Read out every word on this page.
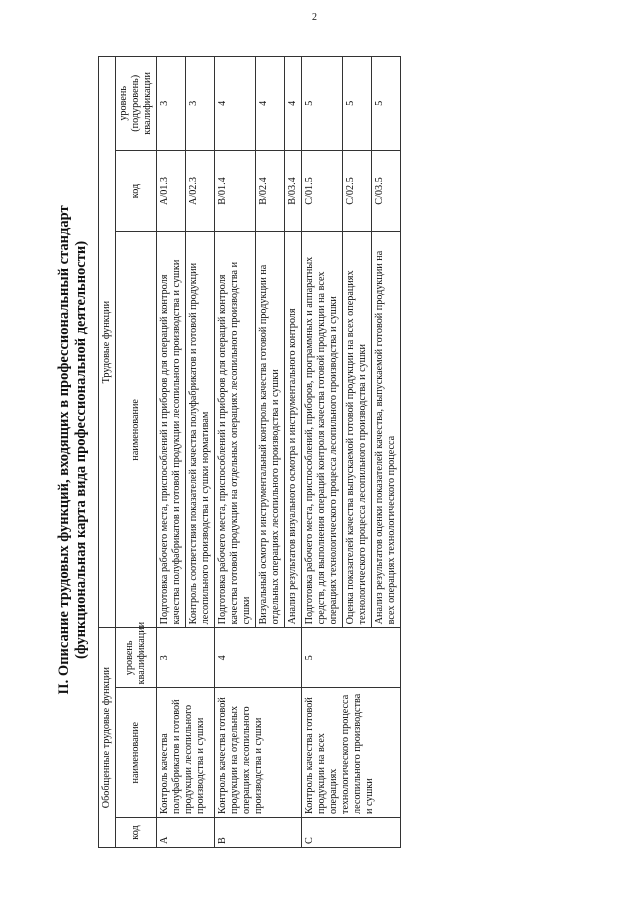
2
II. Описание трудовых функций, входящих в профессиональный стандарт (функциональная карта вида профессиональной деятельности)
Обобщенные трудовые функции			Трудовые функции		
код	наименование	уровень квалификации	наименование	код	уровень (подуровень) квалификации
A	Контроль качества полуфабрикатов и готовой продукции лесопильного производства и сушки	3	Подготовка рабочего места, приспособлений и приборов для операций контроля качества полуфабрикатов и готовой продукции лесопильного производства и сушки	A/01.3	3
			Контроль соответствия показателей качества полуфабрикатов и готовой продукции лесопильного производства и сушки нормативам	A/02.3	3
B	Контроль качества готовой продукции на отдельных операциях лесопильного производства и сушки	4	Подготовка рабочего места, приспособлений и приборов для операций контроля качества готовой продукции на отдельных операциях лесопильного производства и сушки	B/01.4	4
			Визуальный осмотр и инструментальный контроль качества готовой продукции на отдельных операциях лесопильного производства и сушки	B/02.4	4
			Анализ результатов визуального осмотра и инструментального контроля	B/03.4	4
C	Контроль качества готовой продукции на всех операциях технологического процесса лесопильного производства и сушки	5	Подготовка рабочего места, приспособлений, приборов, программных и аппаратных средств, для выполнения операций контроля качества готовой продукции на всех операциях технологического процесса лесопильного производства и сушки	C/01.5	5
			Оценка показателей качества выпускаемой готовой продукции на всех операциях технологического процесса лесопильного производства и сушки	C/02.5	5
			Анализ результатов оценки показателей качества, выпускаемой готовой продукции на всех операциях технологического процесса	C/03.5	5
